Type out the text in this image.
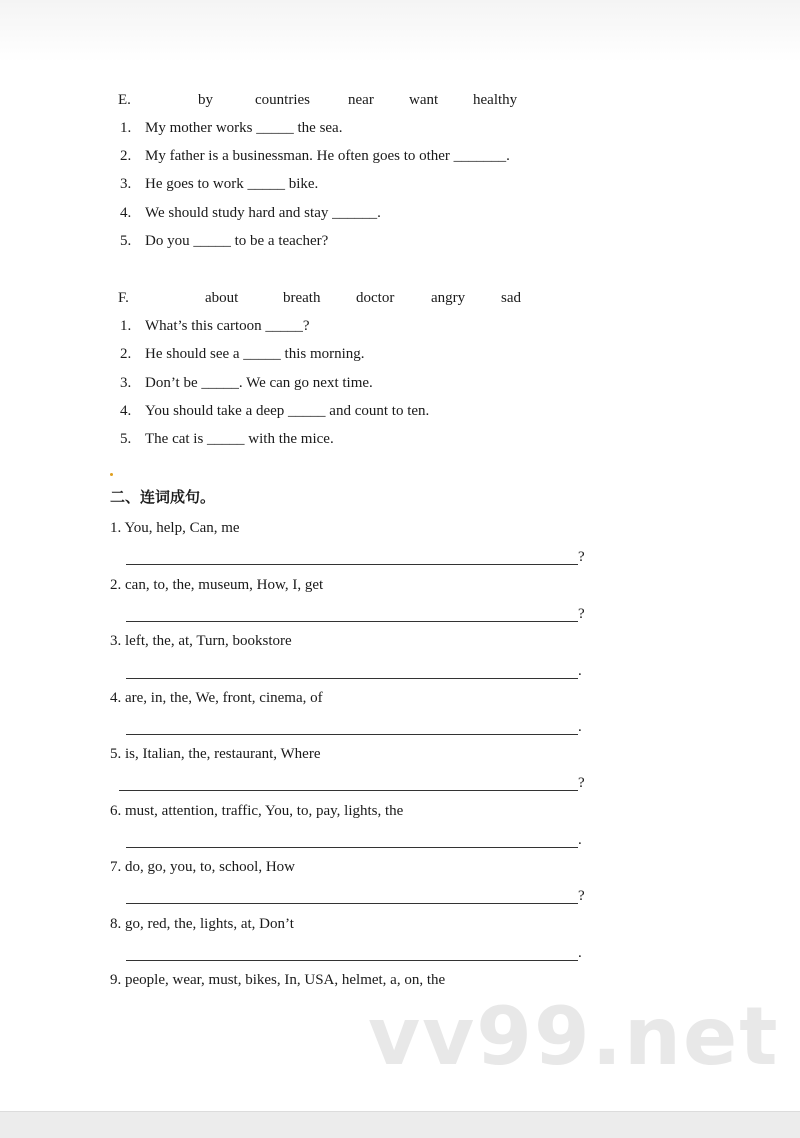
E.	by	countries	near want healthy
1. My mother works _____ the sea.
2. My father is a businessman. He often goes to other _______.
3. He goes to work _____ bike.
4. We should study hard and stay ______.
5. Do you _____ to be a teacher?
F.	about	breath doctor angry sad
1. What’s this cartoon _____?
2. He should see a _____ this morning.
3. Don’t be _____. We can go next time.
4. You should take a deep _____ and count to ten.
5. The cat is _____ with the mice.
二、连词成句。
1. You, help, Can, me
?
2. can, to, the, museum, How, I, get
?
3. left, the, at, Turn, bookstore
.
4. are, in, the, We, front, cinema, of
.
5. is, Italian, the, restaurant, Where
?
6. must, attention, traffic, You, to, pay, lights, the
.
7. do, go, you, to, school, How
?
8. go, red, the, lights, at, Don’t
.
9. people, wear, must, bikes, In, USA, helmet, a, on, the
vv99.net
